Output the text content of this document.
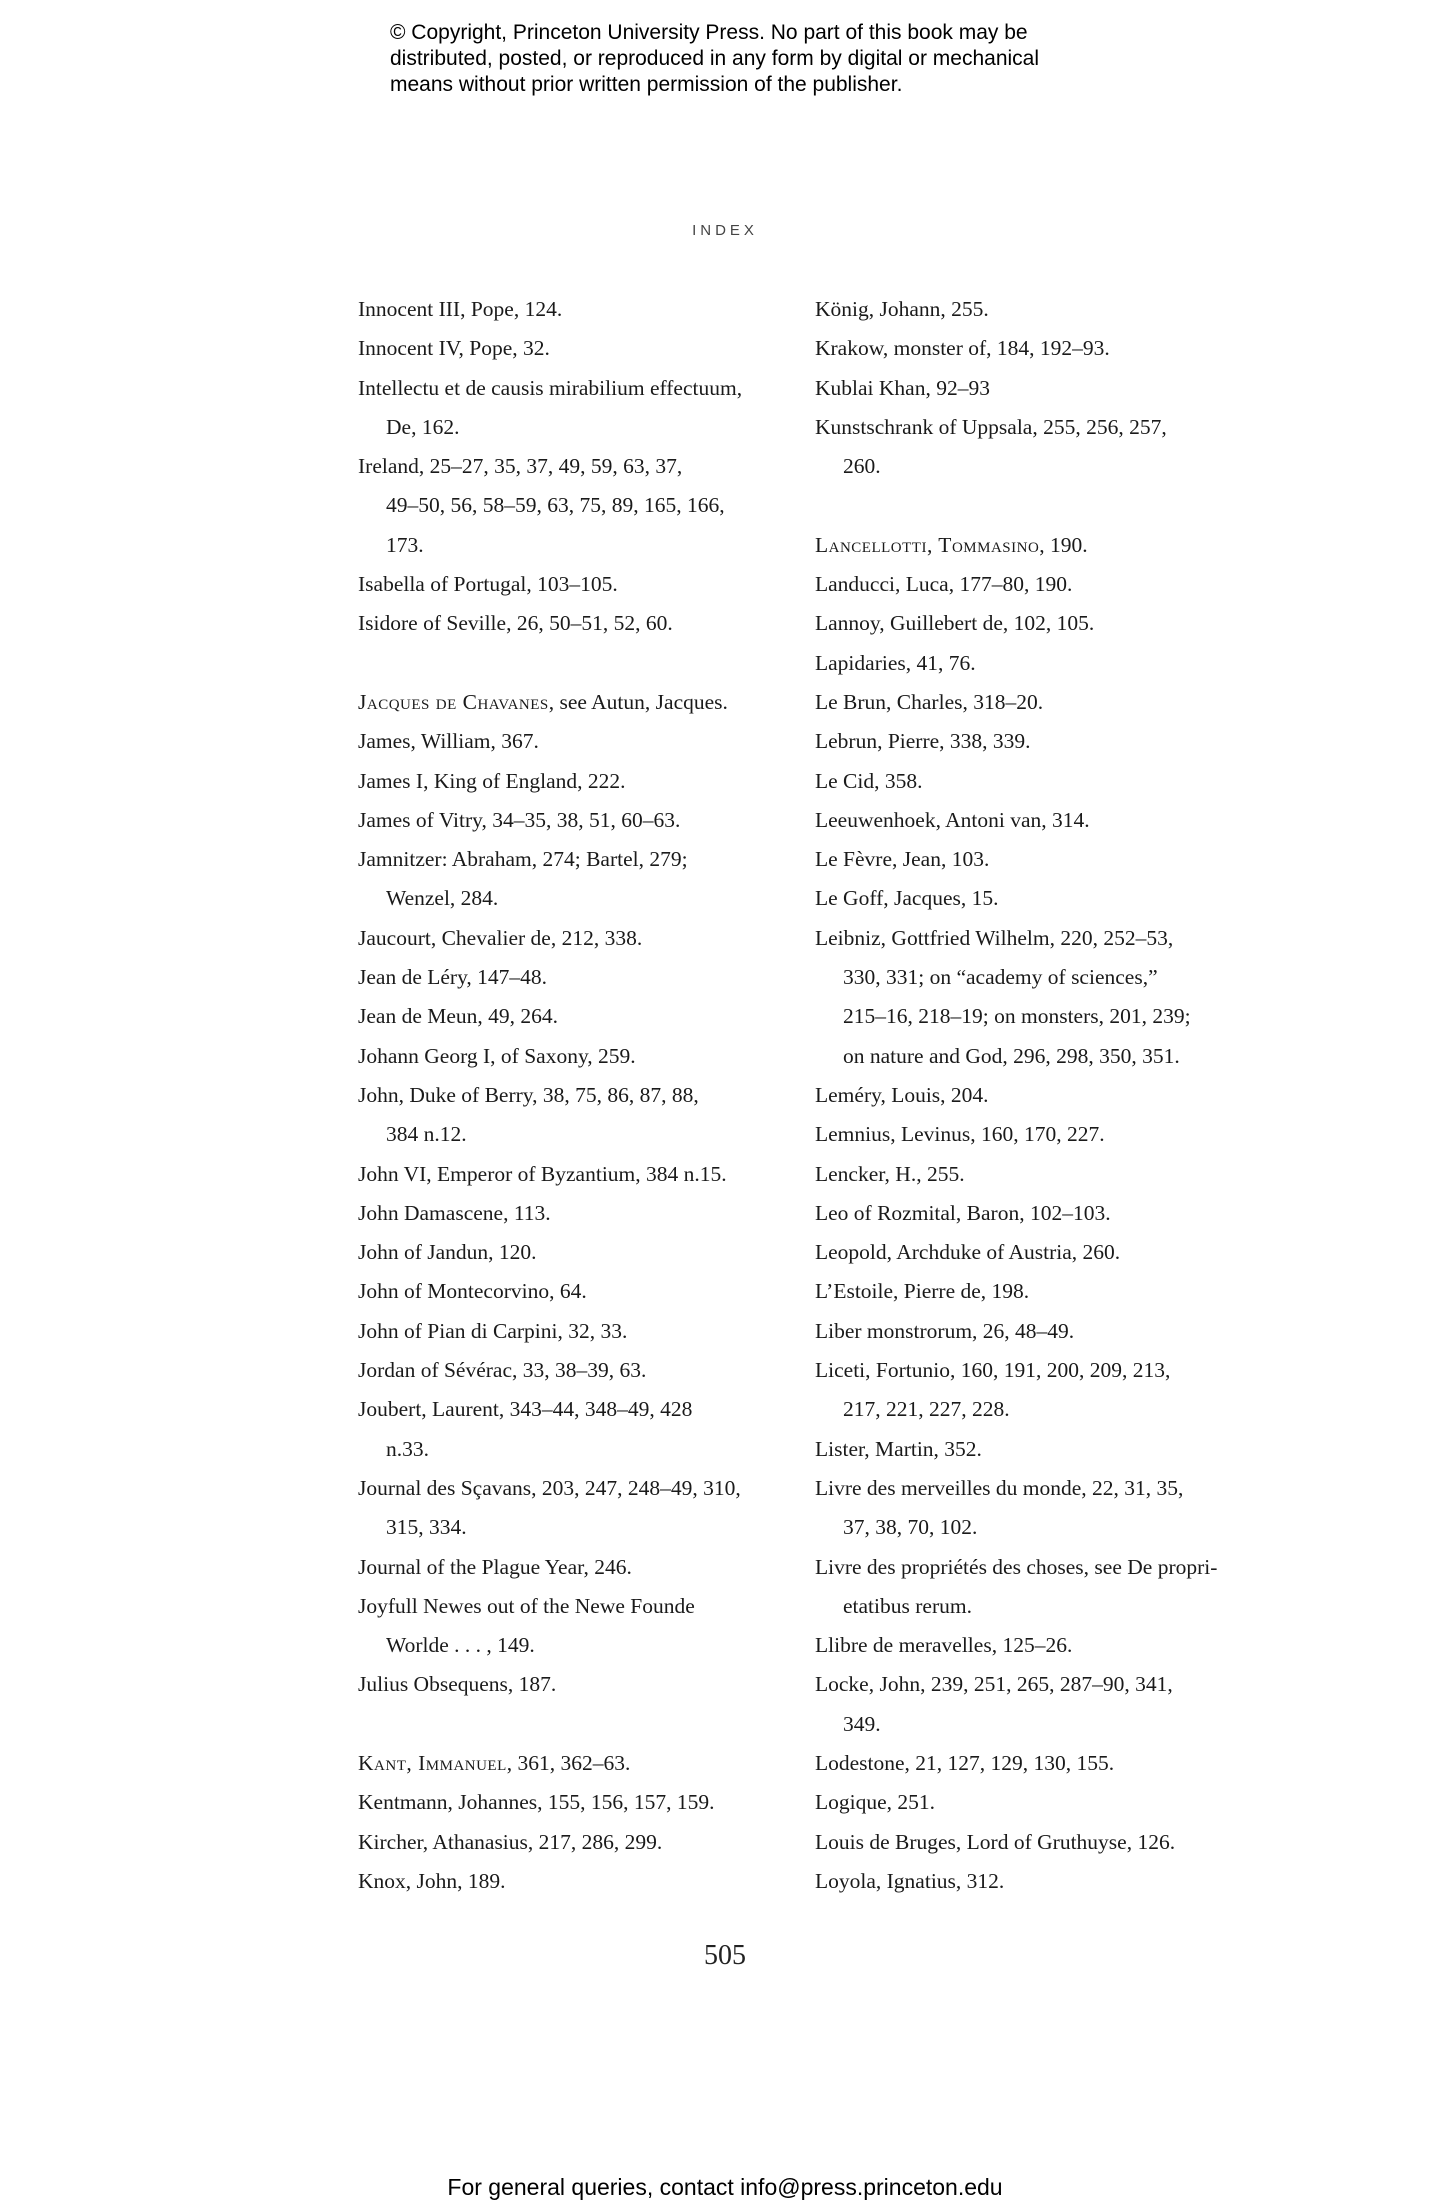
© Copyright, Princeton University Press. No part of this book may be
distributed, posted, or reproduced in any form by digital or mechanical
means without prior written permission of the publisher.
INDEX
Innocent III, Pope, 124.
Innocent IV, Pope, 32.
Intellectu et de causis mirabilium effectuum,
De, 162.
Ireland, 25–27, 35, 37, 49, 59, 63, 37,
49–50, 56, 58–59, 63, 75, 89, 165, 166,
173.
Isabella of Portugal, 103–105.
Isidore of Seville, 26, 50–51, 52, 60.
Jacques de Chavanes, see Autun, Jacques.
James, William, 367.
James I, King of England, 222.
James of Vitry, 34–35, 38, 51, 60–63.
Jamnitzer: Abraham, 274; Bartel, 279;
Wenzel, 284.
Jaucourt, Chevalier de, 212, 338.
Jean de Léry, 147–48.
Jean de Meun, 49, 264.
Johann Georg I, of Saxony, 259.
John, Duke of Berry, 38, 75, 86, 87, 88,
384 n.12.
John VI, Emperor of Byzantium, 384 n.15.
John Damascene, 113.
John of Jandun, 120.
John of Montecorvino, 64.
John of Pian di Carpini, 32, 33.
Jordan of Sévérac, 33, 38–39, 63.
Joubert, Laurent, 343–44, 348–49, 428
n.33.
Journal des Sçavans, 203, 247, 248–49, 310,
315, 334.
Journal of the Plague Year, 246.
Joyfull Newes out of the Newe Founde
Worlde . . . , 149.
Julius Obsequens, 187.
Kant, Immanuel, 361, 362–63.
Kentmann, Johannes, 155, 156, 157, 159.
Kircher, Athanasius, 217, 286, 299.
Knox, John, 189.
König, Johann, 255.
Krakow, monster of, 184, 192–93.
Kublai Khan, 92–93
Kunstschrank of Uppsala, 255, 256, 257,
260.
Lancellotti, Tommasino, 190.
Landucci, Luca, 177–80, 190.
Lannoy, Guillebert de, 102, 105.
Lapidaries, 41, 76.
Le Brun, Charles, 318–20.
Lebrun, Pierre, 338, 339.
Le Cid, 358.
Leeuwenhoek, Antoni van, 314.
Le Fèvre, Jean, 103.
Le Goff, Jacques, 15.
Leibniz, Gottfried Wilhelm, 220, 252–53,
330, 331; on “academy of sciences,”
215–16, 218–19; on monsters, 201, 239;
on nature and God, 296, 298, 350, 351.
Leméry, Louis, 204.
Lemnius, Levinus, 160, 170, 227.
Lencker, H., 255.
Leo of Rozmital, Baron, 102–103.
Leopold, Archduke of Austria, 260.
L’Estoile, Pierre de, 198.
Liber monstrorum, 26, 48–49.
Liceti, Fortunio, 160, 191, 200, 209, 213,
217, 221, 227, 228.
Lister, Martin, 352.
Livre des merveilles du monde, 22, 31, 35,
37, 38, 70, 102.
Livre des propriétés des choses, see De propri-
etatibus rerum.
Llibre de meravelles, 125–26.
Locke, John, 239, 251, 265, 287–90, 341,
349.
Lodestone, 21, 127, 129, 130, 155.
Logique, 251.
Louis de Bruges, Lord of Gruthuyse, 126.
Loyola, Ignatius, 312.
505
For general queries, contact info@press.princeton.edu
